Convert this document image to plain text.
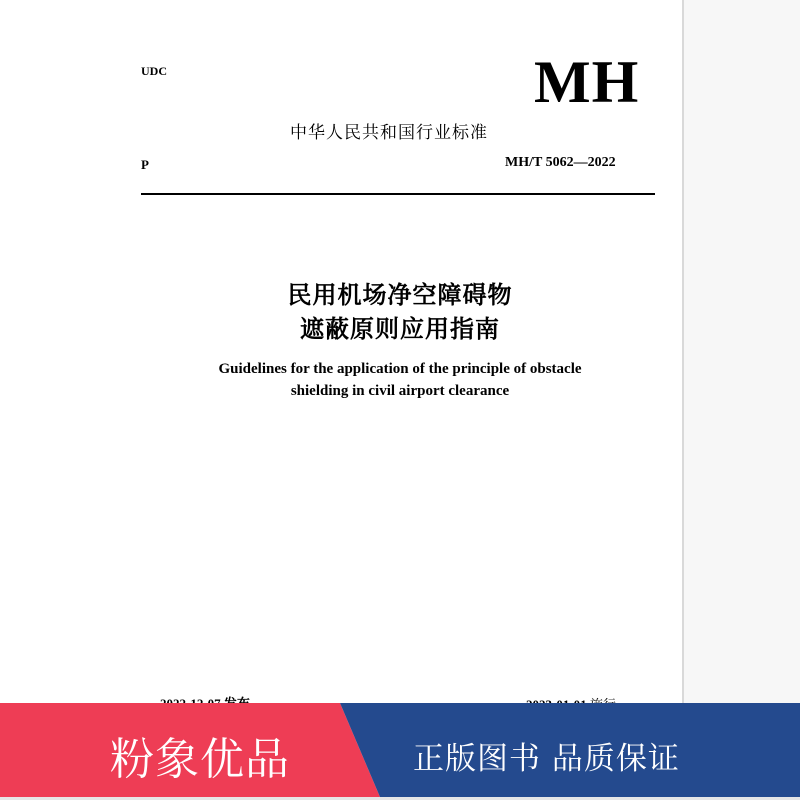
UDC	MH
中华人民共和国行业标准
P	MH/T 5062—2022
民用机场净空障碍物
遮蔽原则应用指南
Guidelines for the application of the principle of obstacle
shielding in civil airport clearance
粉象优品	正版图书 品质保证
